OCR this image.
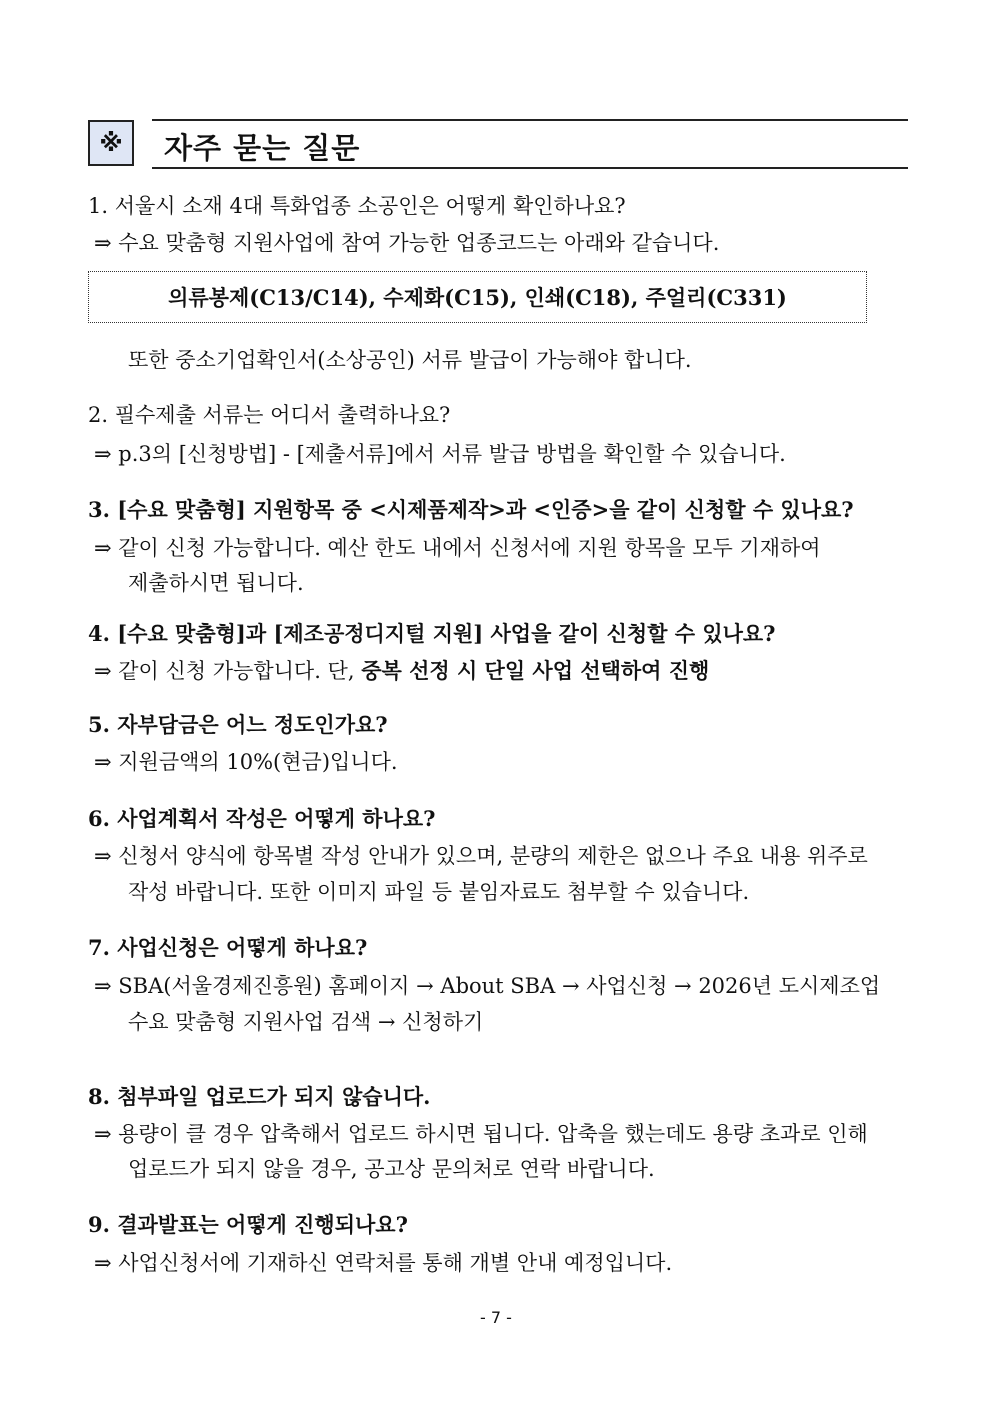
※ 자주 묻는 질문
1. 서울시 소재 4대 특화업종 소공인은 어떻게 확인하나요?
⇒ 수요 맞춤형 지원사업에 참여 가능한 업종코드는 아래와 같습니다.
의류봉제(C13/C14), 수제화(C15), 인쇄(C18), 주얼리(C331)
또한 중소기업확인서(소상공인) 서류 발급이 가능해야 합니다.
2. 필수제출 서류는 어디서 출력하나요?
⇒ p.3의 [신청방법] - [제출서류]에서 서류 발급 방법을 확인할 수 있습니다.
3. [수요 맞춤형] 지원항목 중 <시제품제작>과 <인증>을 같이 신청할 수 있나요?
⇒ 같이 신청 가능합니다. 예산 한도 내에서 신청서에 지원 항목을 모두 기재하여
제출하시면 됩니다.
4. [수요 맞춤형]과 [제조공정디지털 지원] 사업을 같이 신청할 수 있나요?
⇒ 같이 신청 가능합니다. 단, 중복 선정 시 단일 사업 선택하여 진행
5. 자부담금은 어느 정도인가요?
⇒ 지원금액의 10%(현금)입니다.
6. 사업계획서 작성은 어떻게 하나요?
⇒ 신청서 양식에 항목별 작성 안내가 있으며, 분량의 제한은 없으나 주요 내용 위주로
작성 바랍니다. 또한 이미지 파일 등 붙임자료도 첨부할 수 있습니다.
7. 사업신청은 어떻게 하나요?
⇒ SBA(서울경제진흥원) 홈페이지 → About SBA → 사업신청 → 2026년 도시제조업
수요 맞춤형 지원사업 검색 → 신청하기
8. 첨부파일 업로드가 되지 않습니다.
⇒ 용량이 클 경우 압축해서 업로드 하시면 됩니다. 압축을 했는데도 용량 초과로 인해
업로드가 되지 않을 경우, 공고상 문의처로 연락 바랍니다.
9. 결과발표는 어떻게 진행되나요?
⇒ 사업신청서에 기재하신 연락처를 통해 개별 안내 예정입니다.
- 7 -
